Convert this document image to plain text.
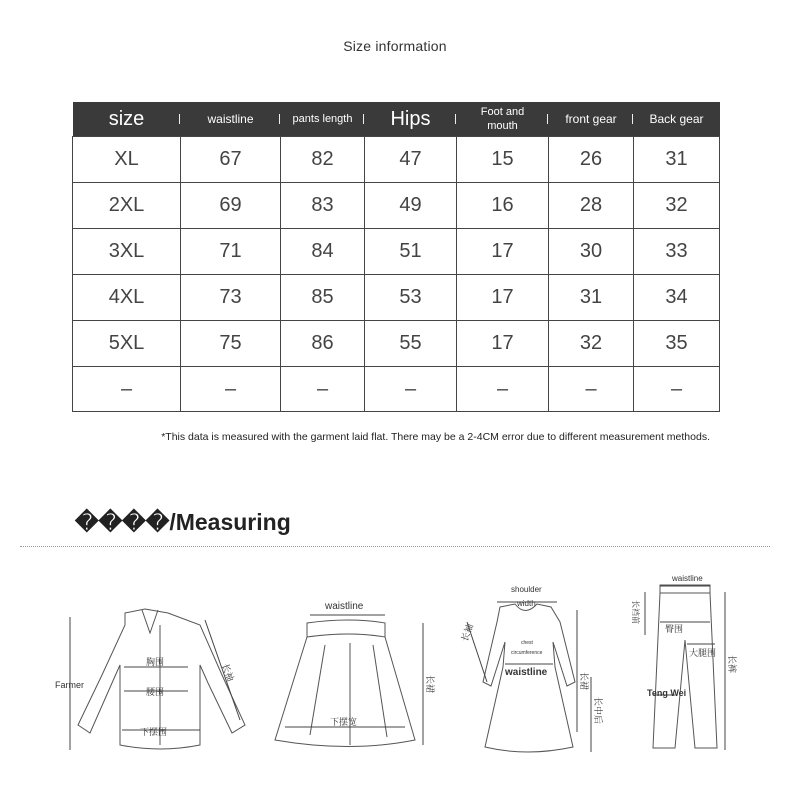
Size information
size	waistline	pants length	Hips	Foot and mouth	front gear	Back gear
XL	67	82	47	15	26	31
2XL	69	83	49	16	28	32
3XL	71	84	51	17	30	33
4XL	73	85	53	17	31	34
5XL	75	86	55	17	32	35
–	–	–	–	–	–	–
*This data is measured with the garment laid flat. There may be a 2-4CM error due to different measurement methods.
����/Measuring
Farmer
胸围
腰围
下摆围
长袖
waistline
下摆宽
长裙
shoulder
width
chest
circumference
waistline
长袖
长裙
长中后
waistline
长裆前
臀围
大腿围
Teng Wei
长裤
